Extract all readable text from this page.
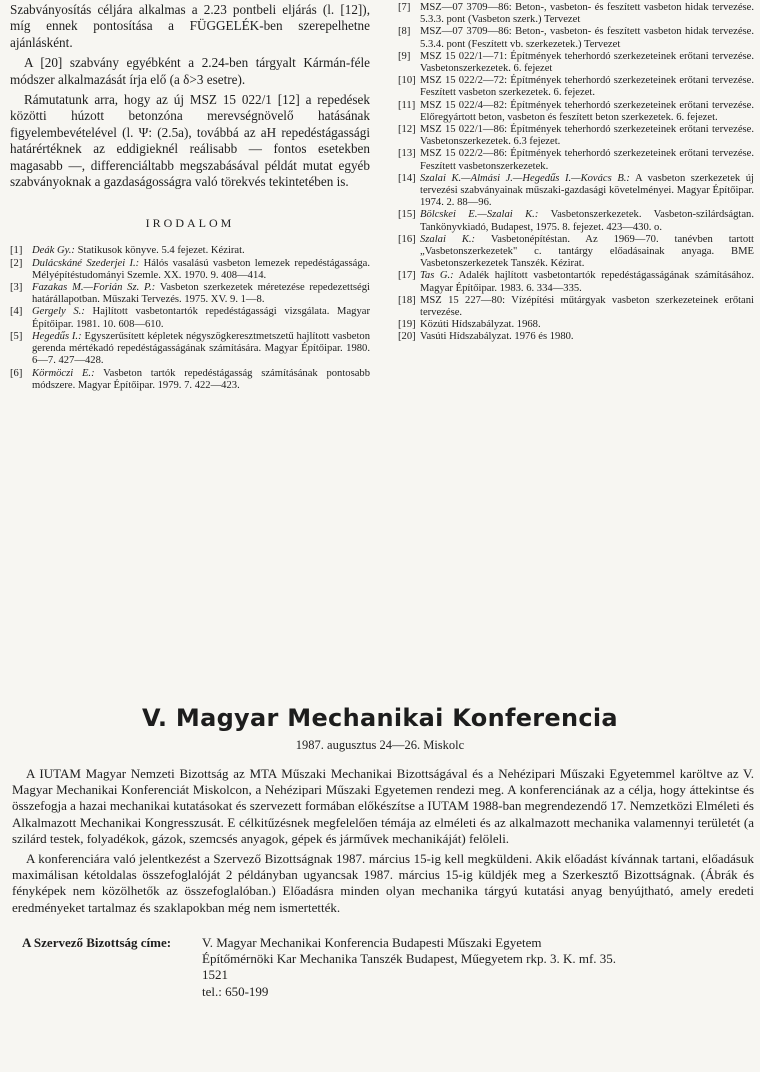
Szabványosítás céljára alkalmas a 2.23 pontbeli eljárás (l. [12]), míg ennek pontosítása a FÜGGELÉK-ben szerepelhetne ajánlásként.

A [20] szabvány egyébként a 2.24-ben tárgyalt Kármán-féle módszer alkalmazását írja elő (a δ>3 esetre).

Rámutatunk arra, hogy az új MSZ 15 022/1 [12] a repedések közötti húzott betonzóna merevségnövelő hatásának figyelembevételével (l. Ψ: (2.5a), továbbá az aH repedéstágassági határértéknek az eddigieknél reálisabb — fontos esetekben magasabb —, differenciáltabb megszabásával példát mutat egyéb szabványoknak a gazdaságosságra való törekvés tekintetében is.

IRODALOM

[1] Deák Gy.: Statikusok könyve. 5.4 fejezet. Kézirat.

[2] Dulácskáné Szederjei I.: Hálós vasalású vasbeton lemezek repedéstágassága. Mélyépítéstudományi Szemle. XX. 1970. 9. 408—414.

[3] Fazakas M.—Forián Sz. P.: Vasbeton szerkezetek méretezése repedezettségi határállapotban. Műszaki Tervezés. 1975. XV. 9. 1—8.

[4] Gergely S.: Hajlított vasbetontartók repedéstágassági vizsgálata. Magyar Építőipar. 1981. 10. 608—610.

[5] Hegedűs I.: Egyszerűsített képletek négyszögkeresztmetszetű hajlított vasbeton gerenda mértékadó repedéstágasságának számítására. Magyar Építőipar. 1980. 6—7. 427—428.

[6] Körmöczi E.: Vasbeton tartók repedéstágasság számításának pontosabb módszere. Magyar Építőipar. 1979. 7. 422—423.

[7] MSZ—07 3709—86: Beton-, vasbeton- és feszített vasbeton hidak tervezése. 5.3.3. pont (Vasbeton szerk.) Tervezet

[8] MSZ—07 3709—86: Beton-, vasbeton- és feszített vasbeton hidak tervezése. 5.3.4. pont (Feszített vb. szerkezetek.) Tervezet

[9] MSZ 15 022/1—71: Építmények teherhordó szerkezeteinek erőtani tervezése. Vasbetonszerkezetek. 6. fejezet

[10] MSZ 15 022/2—72: Építmények teherhordó szerkezeteinek erőtani tervezése. Feszített vasbeton szerkezetek. 6. fejezet.

[11] MSZ 15 022/4—82: Építmények teherhordó szerkezeteinek erőtani tervezése. Előregyártott beton, vasbeton és feszített beton szerkezetek. 6. fejezet.

[12] MSZ 15 022/1—86: Építmények teherhordó szerkezeteinek erőtani tervezése. Vasbetonszerkezetek. 6.3 fejezet.

[13] MSZ 15 022/2—86: Építmények teherhordó szerkezeteinek erőtani tervezése. Feszített vasbetonszerkezetek.

[14] Szalai K.—Almási J.—Hegedűs I.—Kovács B.: A vasbeton szerkezetek új tervezési szabványainak műszaki-gazdasági követelményei. Magyar Építőipar. 1974. 2. 88—96.

[15] Bölcskei E.—Szalai K.: Vasbetonszerkezetek. Vasbeton-szilárdságtan. Tankönyvkiadó, Budapest, 1975. 8. fejezet. 423—430. o.

[16] Szalai K.: Vasbetonépítéstan. Az 1969—70. tanévben tartott „Vasbetonszerkezetek" c. tantárgy előadásainak anyaga. BME Vasbetonszerkezetek Tanszék. Kézirat.

[17] Tas G.: Adalék hajlított vasbetontartók repedéstágasságának számításához. Magyar Építőipar. 1983. 6. 334—335.

[18] MSZ 15 227—80: Vízépítési műtárgyak vasbeton szerkezeteinek erőtani tervezése.

[19] Közúti Hídszabályzat. 1968.

[20] Vasúti Hídszabályzat. 1976 és 1980.

V. Magyar Mechanikai Konferencia
1987. augusztus 24—26. Miskolc

A IUTAM Magyar Nemzeti Bizottság az MTA Műszaki Mechanikai Bizottságával és a Nehézipari Műszaki Egyetemmel karöltve az V. Magyar Mechanikai Konferenciát Miskolcon, a Nehézipari Műszaki Egyetemen rendezi meg. A konferenciának az a célja, hogy áttekintse és összefogja a hazai mechanikai kutatásokat és szervezett formában előkészítse a IUTAM 1988-ban megrendezendő 17. Nemzetközi Elméleti és Alkalmazott Mechanikai Kongresszusát. E célkitűzésnek megfelelően témája az elméleti és az alkalmazott mechanika valamennyi területét (a szilárd testek, folyadékok, gázok, szemcsés anyagok, gépek és járművek mechanikáját) felöleli.

A konferenciára való jelentkezést a Szervező Bizottságnak 1987. március 15-ig kell megküldeni. Akik előadást kívánnak tartani, előadásuk maximálisan kétoldalas összefoglalóját 2 példányban ugyancsak 1987. március 15-ig küldjék meg a Szerkesztő Bizottságnak. (Ábrák és fényképek nem közölhetők az összefoglalóban.) Előadásra minden olyan mechanika tárgyú kutatási anyag benyújtható, amely eredeti eredményeket tartalmaz és szaklapokban még nem ismertették.

A Szervező Bizottság címe: V. Magyar Mechanikai Konferencia Budapesti Műszaki Egyetem
Építőmérnöki Kar Mechanika Tanszék Budapest, Műegyetem rkp. 3. K. mf. 35.
1521
tel.: 650-199
